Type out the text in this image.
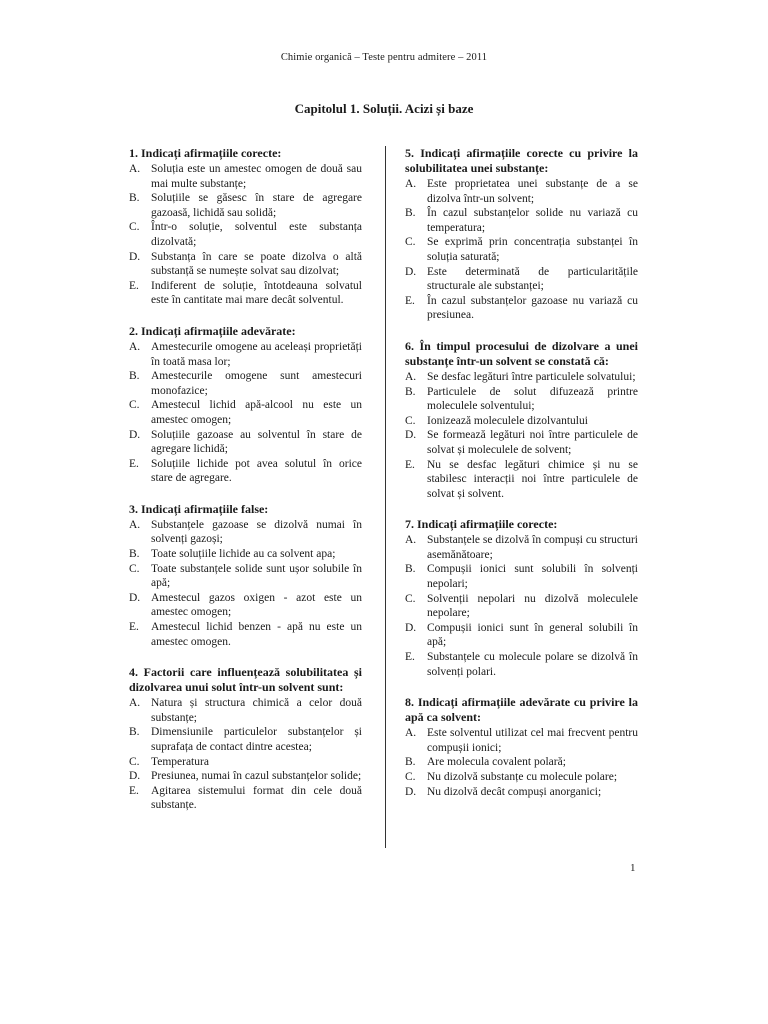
Chimie organică – Teste pentru admitere – 2011
Capitolul 1. Soluții. Acizi și baze
1. Indicați afirmațiile corecte:
A. Soluția este un amestec omogen de două sau mai multe substanțe;
B. Soluțiile se găsesc în stare de agregare gazoasă, lichidă sau solidă;
C. Într-o soluție, solventul este substanța dizolvată;
D. Substanța în care se poate dizolva o altă substanță se numește solvat sau dizolvat;
E. Indiferent de soluție, întotdeauna solvatul este în cantitate mai mare decât solventul.
2. Indicați afirmațiile adevărate:
A. Amestecurile omogene au aceleași proprietăți în toată masa lor;
B. Amestecurile omogene sunt amestecuri monofazice;
C. Amestecul lichid apă-alcool nu este un amestec omogen;
D. Soluțiile gazoase au solventul în stare de agregare lichidă;
E. Soluțiile lichide pot avea solutul în orice stare de agregare.
3. Indicați afirmațiile false:
A. Substanțele gazoase se dizolvă numai în solvenți gazoși;
B. Toate soluțiile lichide au ca solvent apa;
C. Toate substanțele solide sunt ușor solubile în apă;
D. Amestecul gazos oxigen - azot este un amestec omogen;
E. Amestecul lichid benzen - apă nu este un amestec omogen.
4. Factorii care influențează solubilitatea și dizolvarea unui solut într-un solvent sunt:
A. Natura și structura chimică a celor două substanțe;
B. Dimensiunile particulelor substanțelor și suprafața de contact dintre acestea;
C. Temperatura
D. Presiunea, numai în cazul substanțelor solide;
E. Agitarea sistemului format din cele două substanțe.
5. Indicați afirmațiile corecte cu privire la solubilitatea unei substanțe:
A. Este proprietatea unei substanțe de a se dizolva într-un solvent;
B. În cazul substanțelor solide nu variază cu temperatura;
C. Se exprimă prin concentrația substanței în soluția saturată;
D. Este determinată de particularitățile structurale ale substanței;
E. În cazul substanțelor gazoase nu variază cu presiunea.
6. În timpul procesului de dizolvare a unei substanțe într-un solvent se constată că:
A. Se desfac legături între particulele solvatului;
B. Particulele de solut difuzează printre moleculele solventului;
C. Ionizează moleculele dizolvantului
D. Se formează legături noi între particulele de solvat și moleculele de solvent;
E. Nu se desfac legături chimice și nu se stabilesc interacții noi între particulele de solvat și solvent.
7. Indicați afirmațiile corecte:
A. Substanțele se dizolvă în compuși cu structuri asemănătoare;
B. Compușii ionici sunt solubili în solvenți nepolari;
C. Solvenții nepolari nu dizolvă moleculele nepolare;
D. Compușii ionici sunt în general solubili în apă;
E. Substanțele cu molecule polare se dizolvă în solvenți polari.
8. Indicați afirmațiile adevărate cu privire la apă ca solvent:
A. Este solventul utilizat cel mai frecvent pentru compușii ionici;
B. Are molecula covalent polară;
C. Nu dizolvă substanțe cu molecule polare;
D. Nu dizolvă decât compuși anorganici;
1
